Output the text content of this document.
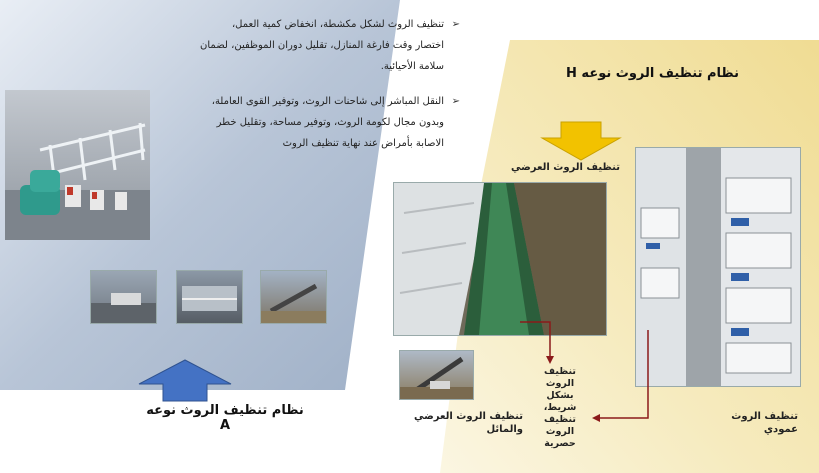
➢
تنظيف الروث لشكل مكشطة، انخفاض كمية العمل،
اختصار وقت فارغة المنازل، تقليل دوران الموظفين، لضمان
سلامة الأحيائية.
➢
النقل المباشر إلى شاحنات الروث، وتوفير القوى العاملة،
وبدون مجال لكومة الروث، وتوفير مساحة، وتقليل خطر
الاصابة بأمراض عند نهاية تنظيف الروث
نظام تنظيف الروث نوعه A
نظام تنظيف الروث نوعه H
تنظيف الروث العرضي
تنظيف
الروث
بشكل
شريط،
تنظيف
الروث
حصرية
تنظيف الروث العرضي
والمائل
تنظيف الروث
عمودي
